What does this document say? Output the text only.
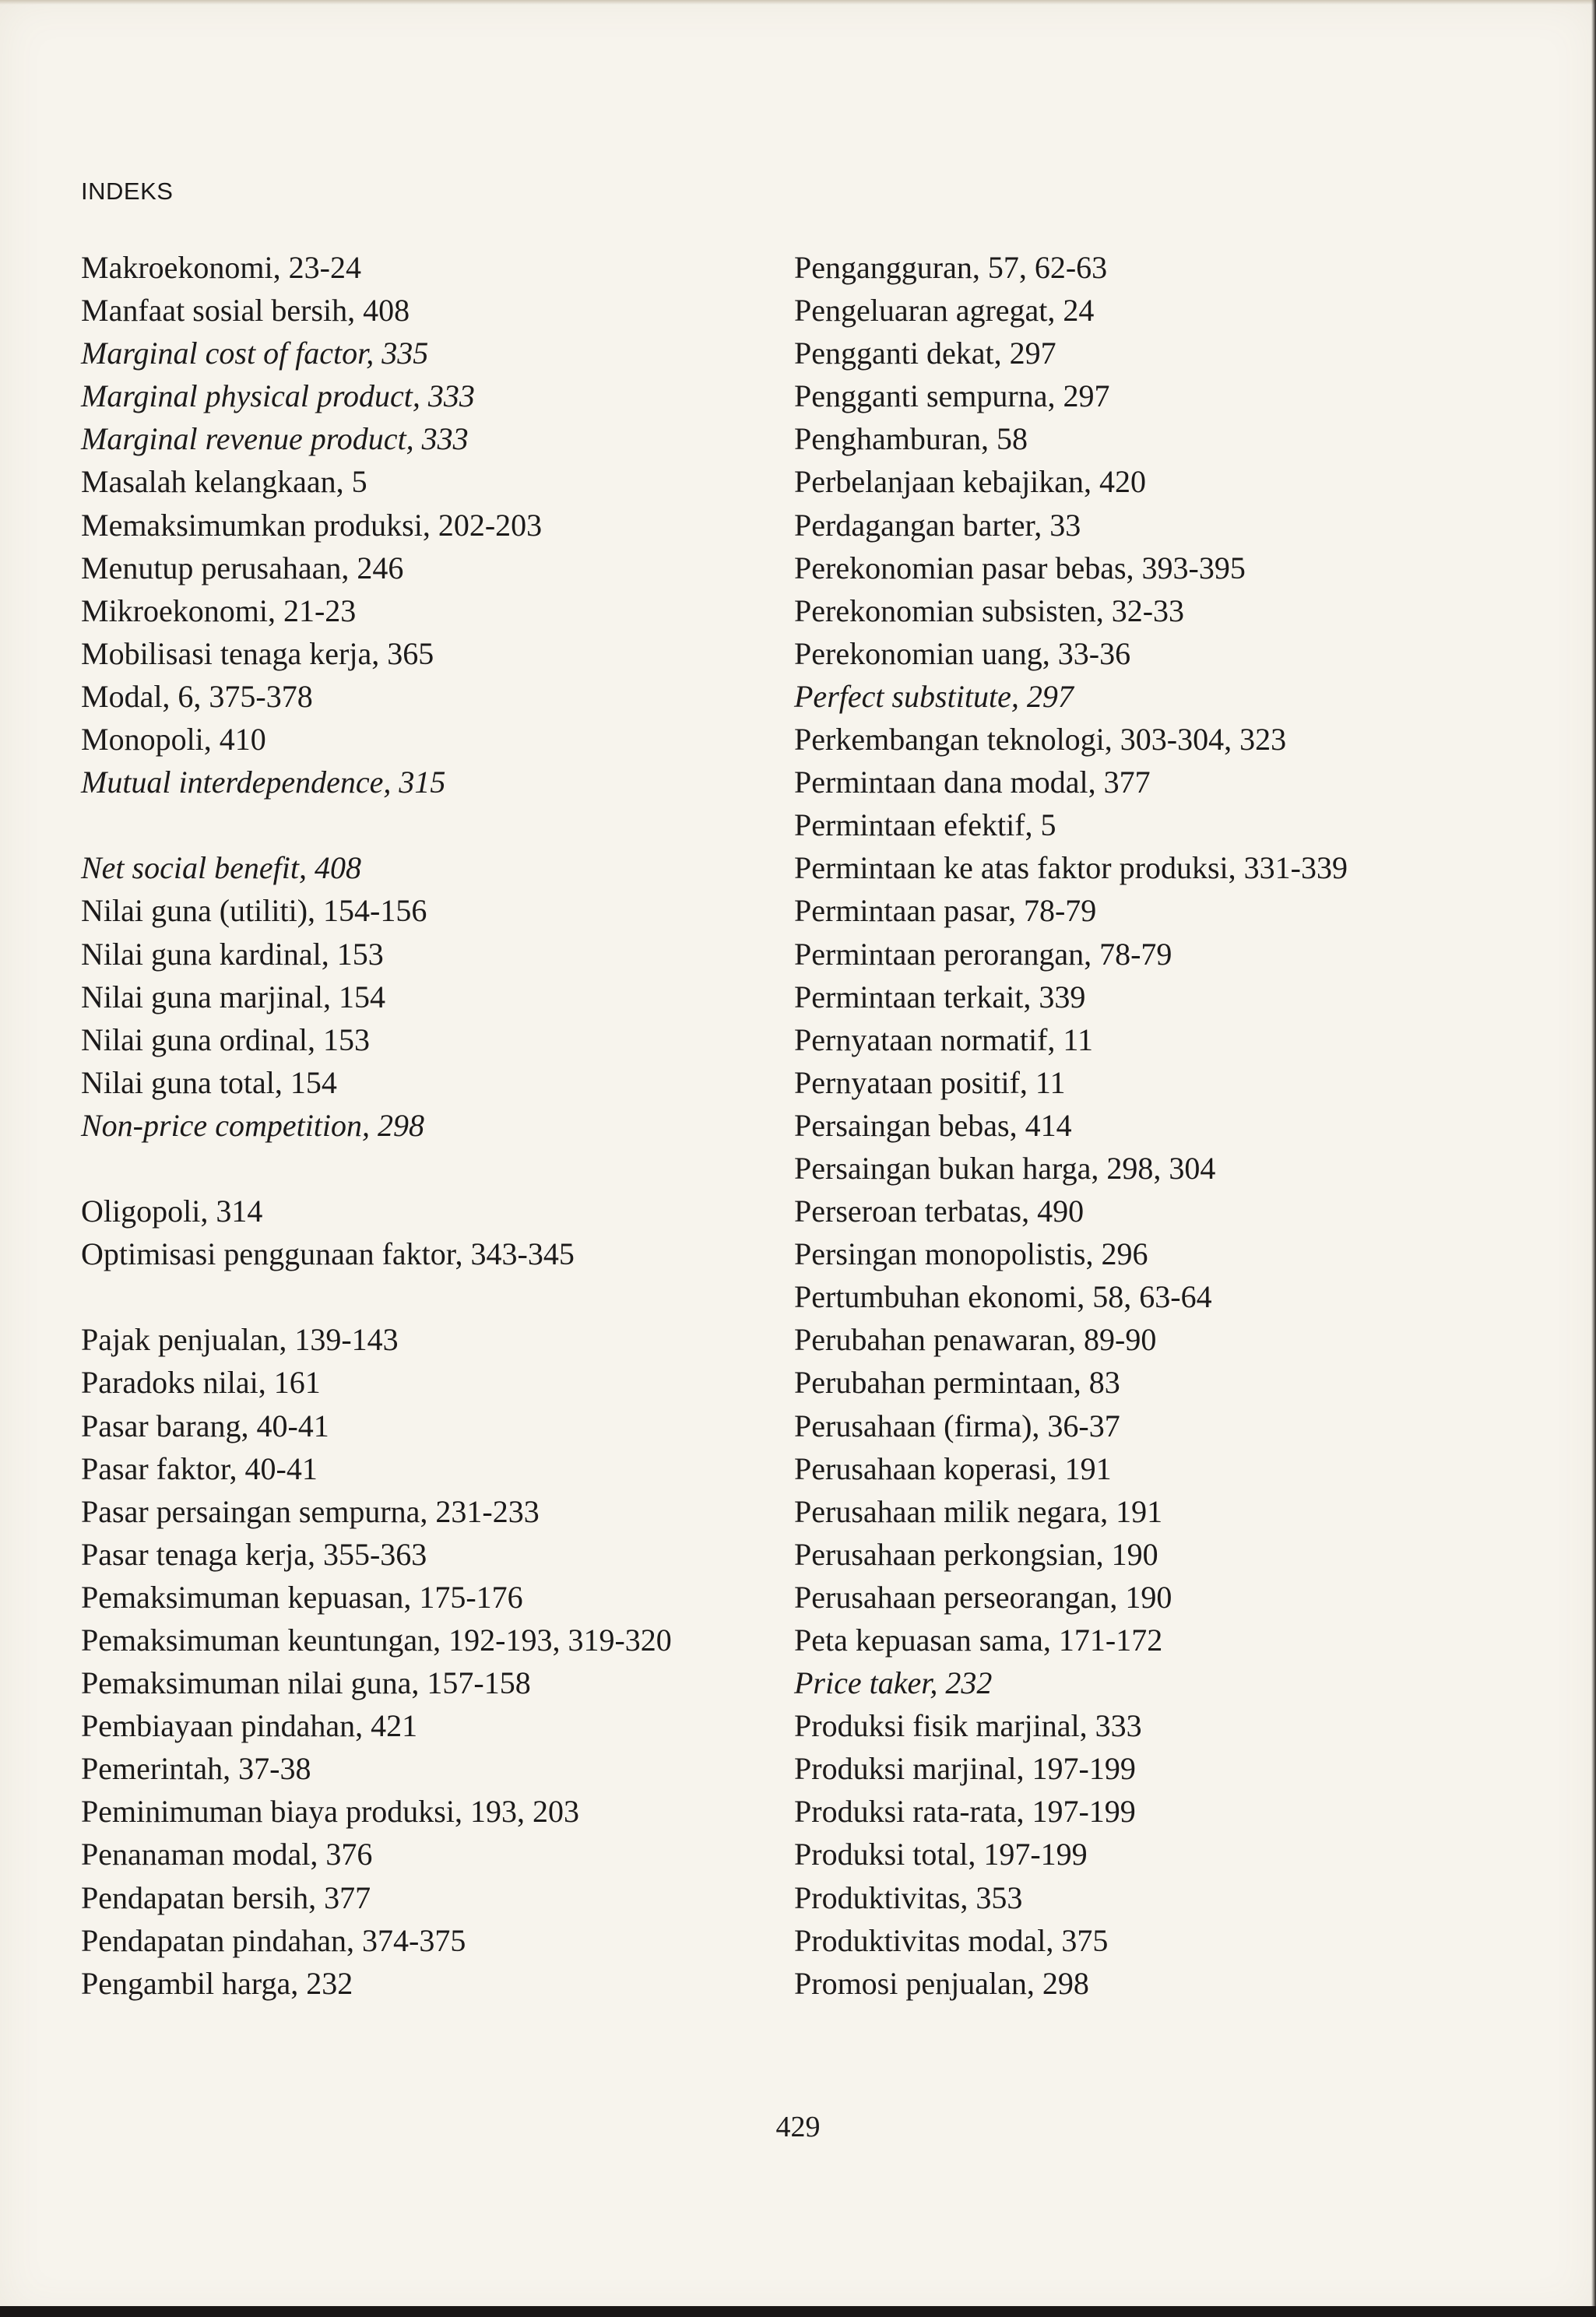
INDEKS
Makroekonomi, 23-24
Manfaat sosial bersih, 408
Marginal cost of factor, 335
Marginal physical product, 333
Marginal revenue product, 333
Masalah kelangkaan, 5
Memaksimumkan produksi, 202-203
Menutup perusahaan, 246
Mikroekonomi, 21-23
Mobilisasi tenaga kerja, 365
Modal, 6, 375-378
Monopoli, 410
Mutual interdependence, 315
Net social benefit, 408
Nilai guna (utiliti), 154-156
Nilai guna kardinal, 153
Nilai guna marjinal, 154
Nilai guna ordinal, 153
Nilai guna total, 154
Non-price competition, 298
Oligopoli, 314
Optimisasi penggunaan faktor, 343-345
Pajak penjualan, 139-143
Paradoks nilai, 161
Pasar barang, 40-41
Pasar faktor, 40-41
Pasar persaingan sempurna, 231-233
Pasar tenaga kerja, 355-363
Pemaksimuman kepuasan, 175-176
Pemaksimuman keuntungan, 192-193, 319-320
Pemaksimuman nilai guna, 157-158
Pembiayaan pindahan, 421
Pemerintah, 37-38
Peminimuman biaya produksi, 193, 203
Penanaman modal, 376
Pendapatan bersih, 377
Pendapatan pindahan, 374-375
Pengambil harga, 232
Pengangguran, 57, 62-63
Pengeluaran agregat, 24
Pengganti dekat, 297
Pengganti sempurna, 297
Penghamburan, 58
Perbelanjaan kebajikan, 420
Perdagangan barter, 33
Perekonomian pasar bebas, 393-395
Perekonomian subsisten, 32-33
Perekonomian uang, 33-36
Perfect substitute, 297
Perkembangan teknologi, 303-304, 323
Permintaan dana modal, 377
Permintaan efektif, 5
Permintaan ke atas faktor produksi, 331-339
Permintaan pasar, 78-79
Permintaan perorangan, 78-79
Permintaan terkait, 339
Pernyataan normatif, 11
Pernyataan positif, 11
Persaingan bebas, 414
Persaingan bukan harga, 298, 304
Perseroan terbatas, 490
Persingan monopolistis, 296
Pertumbuhan ekonomi, 58, 63-64
Perubahan penawaran, 89-90
Perubahan permintaan, 83
Perusahaan (firma), 36-37
Perusahaan koperasi, 191
Perusahaan milik negara, 191
Perusahaan perkongsian, 190
Perusahaan perseorangan, 190
Peta kepuasan sama, 171-172
Price taker, 232
Produksi fisik marjinal, 333
Produksi marjinal, 197-199
Produksi rata-rata, 197-199
Produksi total, 197-199
Produktivitas, 353
Produktivitas modal, 375
Promosi penjualan, 298
429
